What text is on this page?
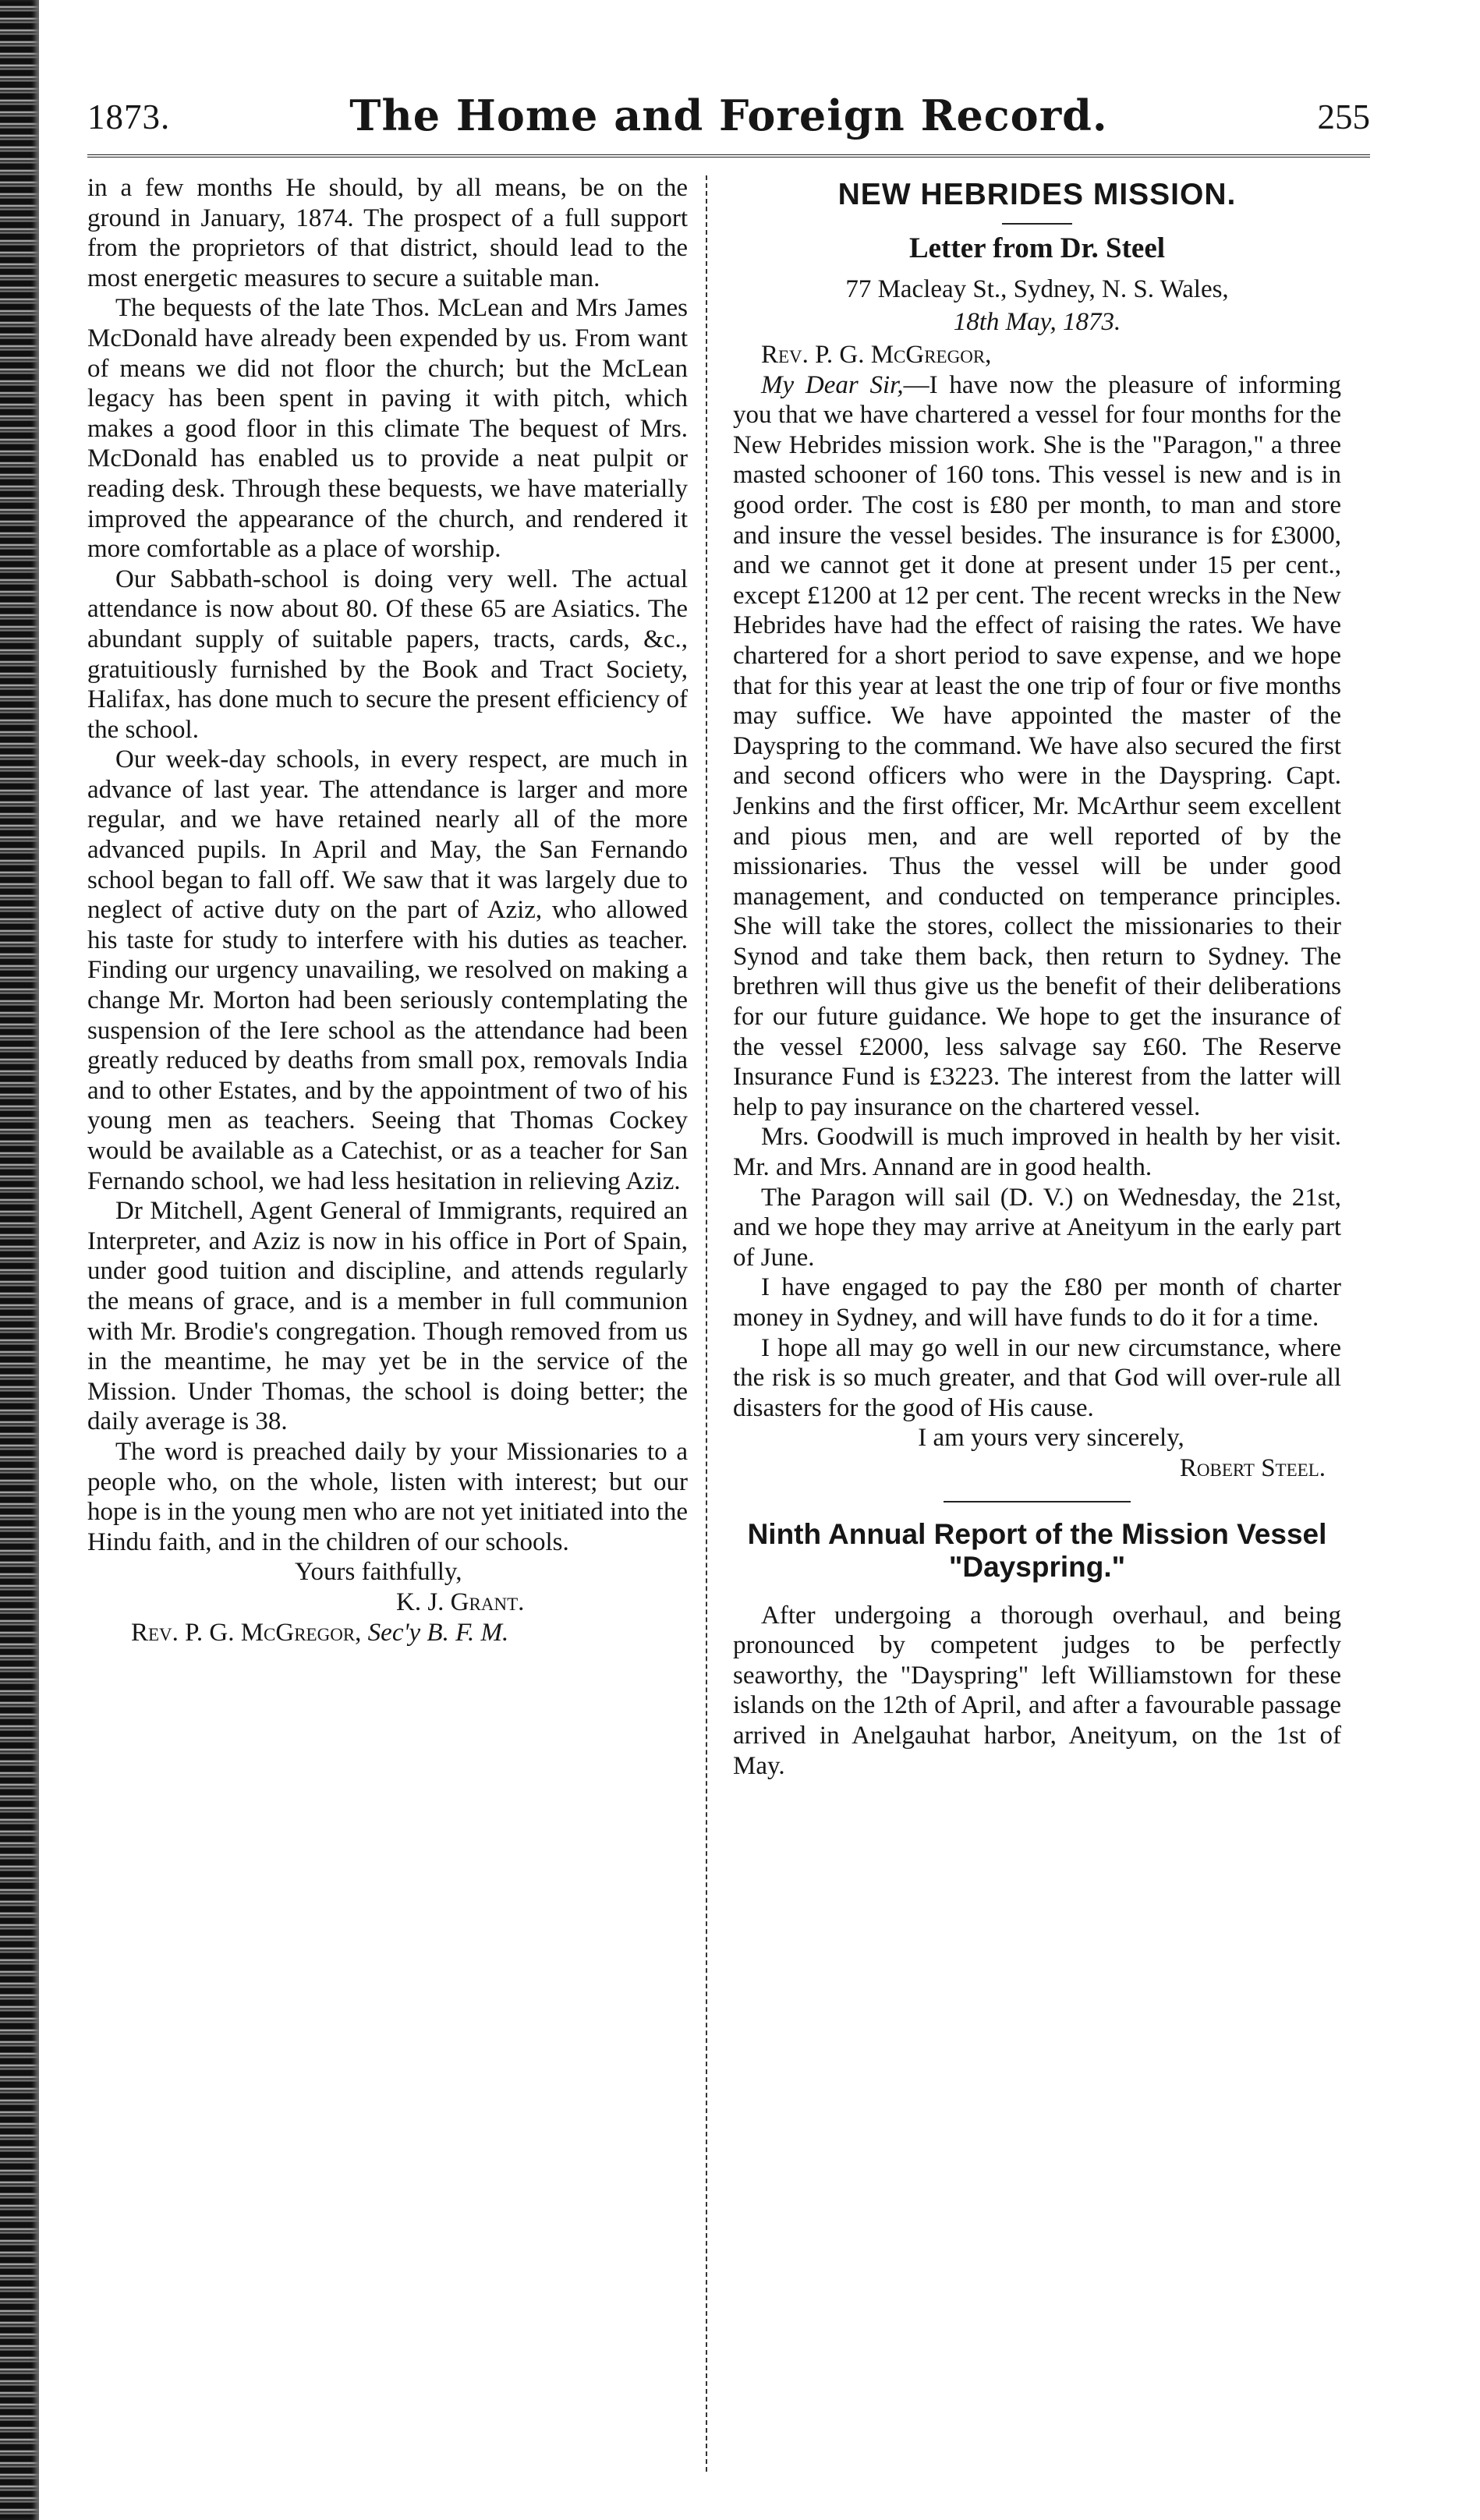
1873.	The Home and Foreign Record.	255

in a few months He should, by all means, be on the ground in January, 1874. The prospect of a full support from the proprietors of that district, should lead to the most energetic measures to secure a suitable man.

The bequests of the late Thos. McLean and Mrs James McDonald have already been expended by us. From want of means we did not floor the church; but the McLean legacy has been spent in paving it with pitch, which makes a good floor in this climate The bequest of Mrs. McDonald has enabled us to provide a neat pulpit or reading desk. Through these bequests, we have materially improved the appearance of the church, and rendered it more comfortable as a place of worship.

Our Sabbath-school is doing very well. The actual attendance is now about 80. Of these 65 are Asiatics. The abundant supply of suitable papers, tracts, cards, &c., gratuitiously furnished by the Book and Tract Society, Halifax, has done much to secure the present efficiency of the school.

Our week-day schools, in every respect, are much in advance of last year. The attendance is larger and more regular, and we have retained nearly all of the more advanced pupils. In April and May, the San Fernando school began to fall off. We saw that it was largely due to neglect of active duty on the part of Aziz, who allowed his taste for study to interfere with his duties as teacher. Finding our urgency unavailing, we resolved on making a change Mr. Morton had been seriously contemplating the suspension of the Iere school as the attendance had been greatly reduced by deaths from small pox, removals India and to other Estates, and by the appointment of two of his young men as teachers. Seeing that Thomas Cockey would be available as a Catechist, or as a teacher for San Fernando school, we had less hesitation in relieving Aziz.

Dr Mitchell, Agent General of Immigrants, required an Interpreter, and Aziz is now in his office in Port of Spain, under good tuition and discipline, and attends regularly the means of grace, and is a member in full communion with Mr. Brodie's congregation. Though removed from us in the meantime, he may yet be in the service of the Mission. Under Thomas, the school is doing better; the daily average is 38.

The word is preached daily by your Missionaries to a people who, on the whole, listen with interest; but our hope is in the young men who are not yet initiated into the Hindu faith, and in the children of our schools.

Yours faithfully,

K. J. Grant.

Rev. P. G. McGregor, Sec'y B. F. M.

NEW HEBRIDES MISSION.
Letter from Dr. Steel
77 Macleay St., Sydney, N. S. Wales,
18th May, 1873.

Rev. P. G. McGregor,

My Dear Sir,—I have now the pleasure of informing you that we have chartered a vessel for four months for the New Hebrides mission work. She is the "Paragon," a three masted schooner of 160 tons. This vessel is new and is in good order. The cost is £80 per month, to man and store and insure the vessel besides. The insurance is for £3000, and we cannot get it done at present under 15 per cent., except £1200 at 12 per cent. The recent wrecks in the New Hebrides have had the effect of raising the rates. We have chartered for a short period to save expense, and we hope that for this year at least the one trip of four or five months may suffice. We have appointed the master of the Dayspring to the command. We have also secured the first and second officers who were in the Dayspring. Capt. Jenkins and the first officer, Mr. McArthur seem excellent and pious men, and are well reported of by the missionaries. Thus the vessel will be under good management, and conducted on temperance principles. She will take the stores, collect the missionaries to their Synod and take them back, then return to Sydney. The brethren will thus give us the benefit of their deliberations for our future guidance. We hope to get the insurance of the vessel £2000, less salvage say £60. The Reserve Insurance Fund is £3223. The interest from the latter will help to pay insurance on the chartered vessel.

Mrs. Goodwill is much improved in health by her visit. Mr. and Mrs. Annand are in good health.

The Paragon will sail (D. V.) on Wednesday, the 21st, and we hope they may arrive at Aneityum in the early part of June.

I have engaged to pay the £80 per month of charter money in Sydney, and will have funds to do it for a time.

I hope all may go well in our new circumstance, where the risk is so much greater, and that God will over-rule all disasters for the good of His cause.

I am yours very sincerely,

Robert Steel.

Ninth Annual Report of the Mission Vessel "Dayspring."

After undergoing a thorough overhaul, and being pronounced by competent judges to be perfectly seaworthy, the "Dayspring" left Williamstown for these islands on the 12th of April, and after a favourable passage arrived in Anelgauhat harbor, Aneityum, on the 1st of May.
